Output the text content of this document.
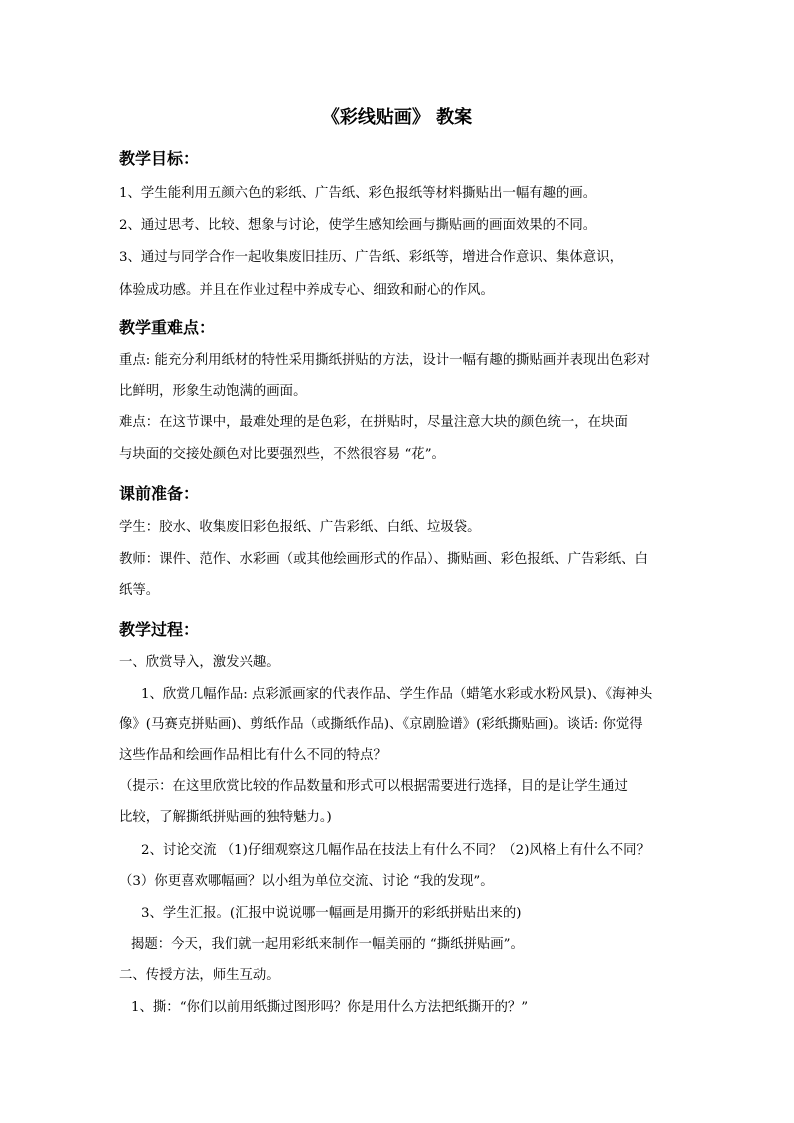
《彩线贴画》 教案
教学目标：
1、学生能利用五颜六色的彩纸、广告纸、彩色报纸等材料撕贴出一幅有趣的画。
2、通过思考、比较、想象与讨论，使学生感知绘画与撕贴画的画面效果的不同。
3、通过与同学合作一起收集废旧挂历、广告纸、彩纸等，增进合作意识、集体意识，
体验成功感。并且在作业过程中养成专心、细致和耐心的作风。
教学重难点：
重点: 能充分利用纸材的特性采用撕纸拼贴的方法，设计一幅有趣的撕贴画并表现出色彩对
比鲜明，形象生动饱满的画面。
难点：在这节课中，最难处理的是色彩，在拼贴时，尽量注意大块的颜色统一，在块面
与块面的交接处颜色对比要强烈些，不然很容易 “花”。
课前准备：
学生：胶水、收集废旧彩色报纸、广告彩纸、白纸、垃圾袋。
教师：课件、范作、水彩画（或其他绘画形式的作品）、撕贴画、彩色报纸、广告彩纸、白
纸等。
教学过程：
一、欣赏导入，激发兴趣。
1、欣赏几幅作品: 点彩派画家的代表作品、学生作品（蜡笔水彩或水粉风景)、《海神头
像》(马赛克拼贴画)、剪纸作品（或撕纸作品)、《京剧脸谱》(彩纸撕贴画)。谈话: 你觉得
这些作品和绘画作品相比有什么不同的特点？
（提示：在这里欣赏比较的作品数量和形式可以根据需要进行选择，目的是让学生通过
比较，了解撕纸拼贴画的独特魅力。)
2、讨论交流 （1)仔细观察这几幅作品在技法上有什么不同？（2)风格上有什么不同？
（3）你更喜欢哪幅画？以小组为单位交流、讨论 “我的发现”。
3、学生汇报。(汇报中说说哪一幅画是用撕开的彩纸拼贴出来的)
揭题：今天，我们就一起用彩纸来制作一幅美丽的 “撕纸拼贴画”。
二、传授方法，师生互动。
1、撕：“你们以前用纸撕过图形吗？你是用什么方法把纸撕开的？”
